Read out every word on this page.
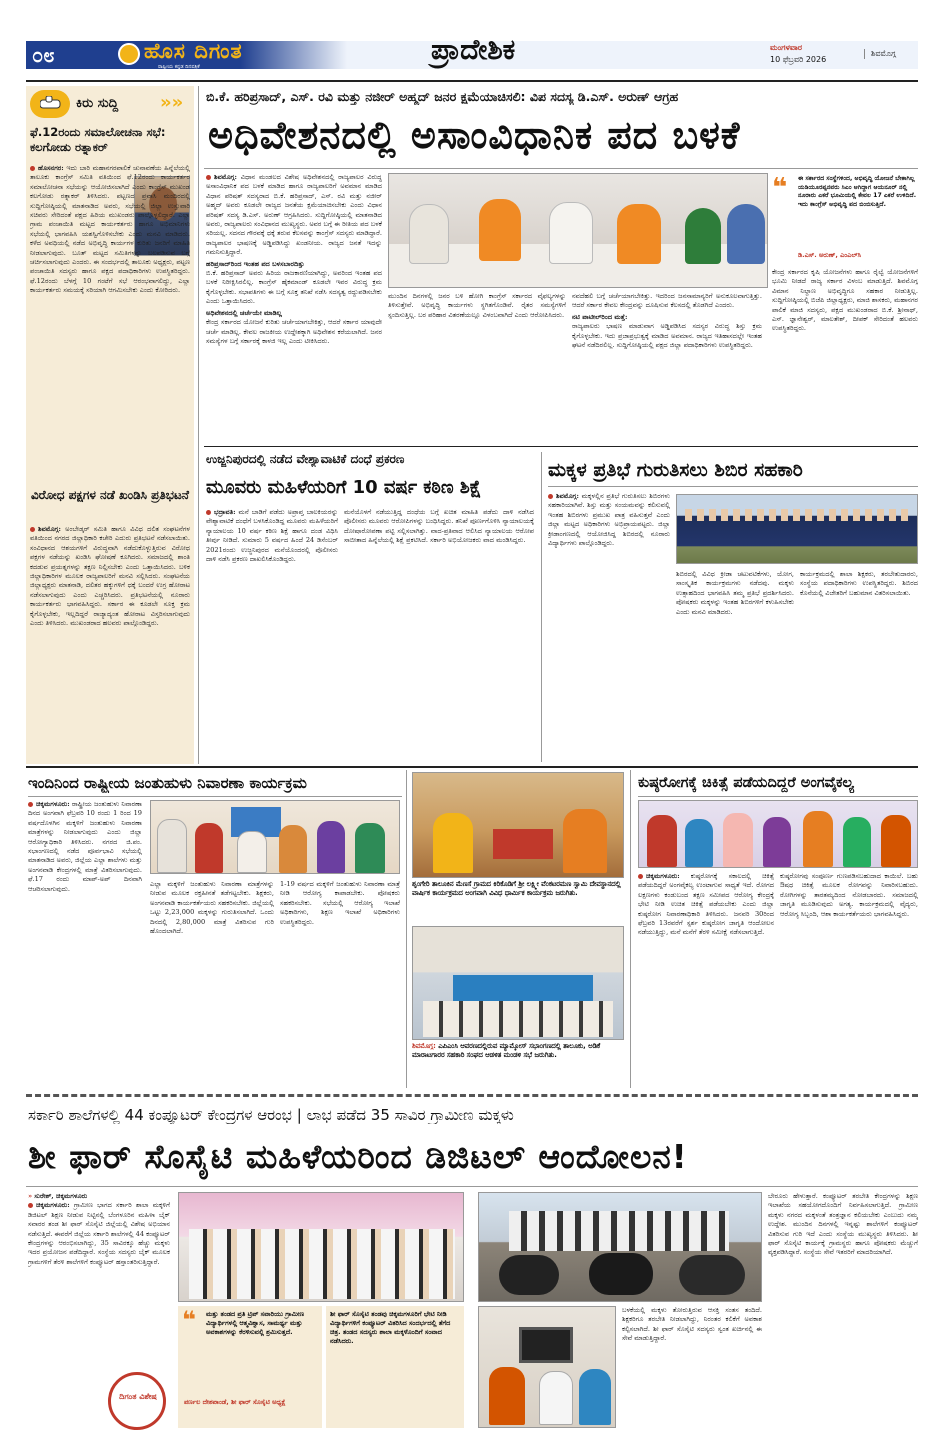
೦೮	ಹೊಸ ದಿಗಂತ
ರಾಷ್ಟ್ರೀಯ ಕನ್ನಡ ದಿನಪತ್ರಿಕೆ
ಪ್ರಾದೇಶಿಕ	ಮಂಗಳವಾರ
10 ಫೆಬ್ರವರಿ 2026
ಶಿವಮೊಗ್ಗ
ಕಿರು ಸುದ್ದಿ »»
ಫೆ.12ರಂದು ಸಮಾಲೋಚನಾ ಸಭೆ: ಕಲಗೋಡು ರತ್ನಾಕರ್
ಹೊಸನಗರ: ಇದು ಬಾರಿ ಮಹಾನಗರಪಾಲಿಕೆ ಚುನಾವಣೆಯ ಹಿನ್ನೆಲೆಯಲ್ಲಿ ತಾಲೂಕು ಕಾಂಗ್ರೆಸ್ ಸಮಿತಿ ವತಿಯಿಂದ ಫೆ.12ರಂದು ಕಾರ್ಯಕರ್ತರ ಸಮಾಲೋಚನಾ ಸಭೆಯನ್ನು ಆಯೋಜಿಸಲಾಗಿದೆ ಎಂದು ಕಾಂಗ್ರೆಸ್ ಮುಖಂಡ ಕಲಗೋಡು ರತ್ನಾಕರ್ ತಿಳಿಸಿದರು. ಪಟ್ಟಣದ ಪ್ರವಾಸಿ ಮಂದಿರದಲ್ಲಿ ಸುದ್ದಿಗೋಷ್ಠಿಯಲ್ಲಿ ಮಾತನಾಡಿದ ಅವರು, ಸಭೆಯಲ್ಲಿ ಜಿಲ್ಲಾ ಉಸ್ತುವಾರಿ ಸಚಿವರು ಸೇರಿದಂತೆ ಪಕ್ಷದ ಹಿರಿಯ ಮುಖಂಡರು ಪಾಲ್ಗೊಳ್ಳಲಿದ್ದಾರೆ. ಎಲ್ಲಾ ಗ್ರಾಮ ಪಂಚಾಯಿತಿ ಮಟ್ಟದ ಕಾರ್ಯಕರ್ತರು ಹಾಗೂ ಅಭಿಮಾನಿಗಳು ಸಭೆಯಲ್ಲಿ ಭಾಗವಹಿಸಿ ಯಶಸ್ವಿಗೊಳಿಸಬೇಕು ಎಂದು ಮನವಿ ಮಾಡಿದರು. ಕಳೆದ ಅವಧಿಯಲ್ಲಿ ನಡೆದ ಅಭಿವೃದ್ಧಿ ಕಾರ್ಯಗಳ ಕುರಿತು ಜನರಿಗೆ ಮಾಹಿತಿ ನೀಡಲಾಗುವುದು. ಬೂತ್ ಮಟ್ಟದ ಸಮಿತಿಗಳನ್ನು ಬಲಪಡಿಸುವ ಬಗ್ಗೆ ಚರ್ಚಿಸಲಾಗುವುದು ಎಂದರು. ಈ ಸಂದರ್ಭದಲ್ಲಿ ತಾಲೂಕು ಅಧ್ಯಕ್ಷರು, ಪಟ್ಟಣ ಪಂಚಾಯಿತಿ ಸದಸ್ಯರು ಹಾಗೂ ಪಕ್ಷದ ಪದಾಧಿಕಾರಿಗಳು ಉಪಸ್ಥಿತರಿದ್ದರು. ಫೆ.12ರಂದು ಬೆಳಗ್ಗೆ 10 ಗಂಟೆಗೆ ಸಭೆ ಆರಂಭವಾಗಲಿದ್ದು, ಎಲ್ಲಾ ಕಾರ್ಯಕರ್ತರು ಸಮಯಕ್ಕೆ ಸರಿಯಾಗಿ ಆಗಮಿಸಬೇಕು ಎಂದು ಕೋರಿದರು.
ವಿರೋಧ ಪಕ್ಷಗಳ ನಡೆ ಖಂಡಿಸಿ ಪ್ರತಿಭಟನೆ
ಶಿವಮೊಗ್ಗ: ಅಂಬೇಡ್ಕರ್ ಸಮಿತಿ ಹಾಗೂ ವಿವಿಧ ದಲಿತ ಸಂಘಟನೆಗಳ ವತಿಯಿಂದ ನಗರದ ಜಿಲ್ಲಾಧಿಕಾರಿ ಕಚೇರಿ ಎದುರು ಪ್ರತಿಭಟನೆ ನಡೆಸಲಾಯಿತು. ಸಂವಿಧಾನದ ಆಶಯಗಳಿಗೆ ವಿರುದ್ಧವಾಗಿ ನಡೆದುಕೊಳ್ಳುತ್ತಿರುವ ವಿರೋಧ ಪಕ್ಷಗಳ ನಡೆಯನ್ನು ಖಂಡಿಸಿ ಘೋಷಣೆ ಕೂಗಿದರು. ಸಮಾಜದಲ್ಲಿ ಶಾಂತಿ ಕದಡುವ ಪ್ರಯತ್ನಗಳನ್ನು ತಕ್ಷಣ ನಿಲ್ಲಿಸಬೇಕು ಎಂದು ಒತ್ತಾಯಿಸಿದರು. ಬಳಿಕ ಜಿಲ್ಲಾಧಿಕಾರಿಗಳ ಮೂಲಕ ರಾಜ್ಯಪಾಲರಿಗೆ ಮನವಿ ಸಲ್ಲಿಸಿದರು. ಸಂಘಟನೆಯ ಜಿಲ್ಲಾಧ್ಯಕ್ಷರು ಮಾತನಾಡಿ, ದಲಿತರ ಹಕ್ಕುಗಳಿಗೆ ಧಕ್ಕೆ ಬಂದರೆ ಉಗ್ರ ಹೋರಾಟ ನಡೆಸಲಾಗುವುದು ಎಂದು ಎಚ್ಚರಿಸಿದರು. ಪ್ರತಿಭಟನೆಯಲ್ಲಿ ನೂರಾರು ಕಾರ್ಯಕರ್ತರು ಭಾಗವಹಿಸಿದ್ದರು. ಸರ್ಕಾರ ಈ ಕೂಡಲೇ ಸೂಕ್ತ ಕ್ರಮ ಕೈಗೊಳ್ಳಬೇಕು, ಇಲ್ಲದಿದ್ದರೆ ರಾಜ್ಯಾದ್ಯಂತ ಹೋರಾಟ ವಿಸ್ತರಿಸಲಾಗುವುದು ಎಂದು ತಿಳಿಸಿದರು. ಮುಖಂಡರಾದ ಹಲವರು ಪಾಲ್ಗೊಂಡಿದ್ದರು.
ಬಿ.ಕೆ. ಹರಿಪ್ರಸಾದ್, ಎಸ್. ರವಿ ಮತ್ತು ನಜೀರ್ ಅಹ್ಮದ್ ಜನರ ಕ್ಷಮೆಯಾಚಿಸಲಿ: ವಿಪ ಸದಸ್ಯ ಡಿ.ಎಸ್. ಅರುಣ್ ಆಗ್ರಹ
ಅಧಿವೇಶನದಲ್ಲಿ ಅಸಾಂವಿಧಾನಿಕ ಪದ ಬಳಕೆ
ಶಿವಮೊಗ್ಗ: ವಿಧಾನ ಮಂಡಲದ ವಿಶೇಷ ಅಧಿವೇಶನದಲ್ಲಿ ರಾಜ್ಯಪಾಲರ ವಿರುದ್ಧ ಅಸಾಂವಿಧಾನಿಕ ಪದ ಬಳಕೆ ಮಾಡಿದ ಹಾಗೂ ರಾಜ್ಯಪಾಲರಿಗೆ ಅವಮಾನ ಮಾಡಿದ ವಿಧಾನ ಪರಿಷತ್ ಸದಸ್ಯರಾದ ಬಿ.ಕೆ. ಹರಿಪ್ರಸಾದ್, ಎಸ್. ರವಿ ಮತ್ತು ನಜೀರ್ ಅಹ್ಮದ್ ಅವರು ಕೂಡಲೇ ರಾಜ್ಯದ ಜನತೆಯ ಕ್ಷಮೆಯಾಚಿಸಬೇಕು ಎಂದು ವಿಧಾನ ಪರಿಷತ್ ಸದಸ್ಯ ಡಿ.ಎಸ್. ಅರುಣ್ ಆಗ್ರಹಿಸಿದರು. ಸುದ್ದಿಗೋಷ್ಠಿಯಲ್ಲಿ ಮಾತನಾಡಿದ ಅವರು, ರಾಜ್ಯಪಾಲರು ಸಂವಿಧಾನದ ಮುಖ್ಯಸ್ಥರು. ಅವರ ಬಗ್ಗೆ ಈ ರೀತಿಯ ಪದ ಬಳಕೆ ಸರಿಯಲ್ಲ. ಸದನದ ಗೌರವಕ್ಕೆ ಧಕ್ಕೆ ತರುವ ಕೆಲಸವನ್ನು ಕಾಂಗ್ರೆಸ್ ಸದಸ್ಯರು ಮಾಡಿದ್ದಾರೆ. ರಾಜ್ಯಪಾಲರ ಭಾಷಣಕ್ಕೆ ಅಡ್ಡಿಪಡಿಸಿದ್ದು ಖಂಡನೀಯ. ರಾಜ್ಯದ ಜನತೆ ಇದನ್ನು ಗಮನಿಸುತ್ತಿದ್ದಾರೆ.
ಹರಿಪ್ರಸಾದ್‌ರಿಂದ ಇಂತಹ ಪದ ಬಳಸಬಾರದಿತ್ತು
ಬಿ.ಕೆ. ಹರಿಪ್ರಸಾದ್ ಅವರು ಹಿರಿಯ ರಾಜಕಾರಣಿಯಾಗಿದ್ದು, ಅವರಿಂದ ಇಂತಹ ಪದ ಬಳಕೆ ನಿರೀಕ್ಷಿಸಿರಲಿಲ್ಲ. ಕಾಂಗ್ರೆಸ್ ಹೈಕಮಾಂಡ್ ಕೂಡಲೇ ಇವರ ವಿರುದ್ಧ ಕ್ರಮ ಕೈಗೊಳ್ಳಬೇಕು. ಸಭಾಪತಿಗಳು ಈ ಬಗ್ಗೆ ಸೂಕ್ತ ತನಿಖೆ ನಡೆಸಿ ಸದಸ್ಯತ್ವ ರದ್ದುಪಡಿಸಬೇಕು ಎಂದು ಒತ್ತಾಯಿಸಿದರು.
ಅಧಿವೇಶನದಲ್ಲಿ ಚರ್ಚೆಯೇ ಮಾಡಿಲ್ಲ
ಕೇಂದ್ರ ಸರ್ಕಾರದ ಯೋಜನೆ ಕುರಿತು ಚರ್ಚೆಯಾಗಬೇಕಿತ್ತು, ಆದರೆ ಸರ್ಕಾರ ಯಾವುದೇ ಚರ್ಚೆ ಮಾಡಿಲ್ಲ. ಕೇವಲ ರಾಜಕೀಯ ಉದ್ದೇಶಕ್ಕಾಗಿ ಅಧಿವೇಶನ ಕರೆಯಲಾಗಿದೆ. ಜನರ ಸಮಸ್ಯೆಗಳ ಬಗ್ಗೆ ಸರ್ಕಾರಕ್ಕೆ ಕಾಳಜಿ ಇಲ್ಲ ಎಂದು ಟೀಕಿಸಿದರು.
ಮುಂದಿನ ದಿನಗಳಲ್ಲಿ ಜನರ ಬಳಿ ಹೋಗಿ ಕಾಂಗ್ರೆಸ್ ಸರ್ಕಾರದ ವೈಫಲ್ಯಗಳನ್ನು ತಿಳಿಸುತ್ತೇವೆ. ಅಭಿವೃದ್ಧಿ ಕಾರ್ಯಗಳು ಸ್ಥಗಿತಗೊಂಡಿವೆ. ರೈತರ ಸಮಸ್ಯೆಗಳಿಗೆ ಸ್ಪಂದಿಸುತ್ತಿಲ್ಲ. ಬರ ಪರಿಹಾರ ವಿತರಣೆಯಲ್ಲೂ ವಿಳಂಬವಾಗಿದೆ ಎಂದು ಆರೋಪಿಸಿದರು.
ನವದೆಹಲಿ ಬಗ್ಗೆ ಚರ್ಚೆಯಾಗಬೇಕಿತ್ತು. ಇದರಿಂದ ಜನಸಾಮಾನ್ಯರಿಗೆ ಅನುಕೂಲವಾಗುತ್ತಿತ್ತು. ಆದರೆ ಸರ್ಕಾರ ಕೇವಲ ಕೇಂದ್ರವನ್ನು ದೂಷಿಸುವ ಕೆಲಸದಲ್ಲಿ ತೊಡಗಿದೆ ಎಂದರು.
ನಟಿ ಪಾಟೀಲ್‌ರಿಂದ ಮತ್ತೆ:
ರಾಜ್ಯಪಾಲರು ಭಾಷಣ ಮಾಡುವಾಗ ಅಡ್ಡಿಪಡಿಸಿದ ಸದಸ್ಯರ ವಿರುದ್ಧ ಶಿಸ್ತು ಕ್ರಮ ಕೈಗೊಳ್ಳಬೇಕು. ಇದು ಪ್ರಜಾಪ್ರಭುತ್ವಕ್ಕೆ ಮಾಡಿದ ಅವಮಾನ. ರಾಜ್ಯದ ಇತಿಹಾಸದಲ್ಲೇ ಇಂತಹ ಘಟನೆ ನಡೆದಿರಲಿಲ್ಲ. ಸುದ್ದಿಗೋಷ್ಠಿಯಲ್ಲಿ ಪಕ್ಷದ ಜಿಲ್ಲಾ ಪದಾಧಿಕಾರಿಗಳು ಉಪಸ್ಥಿತರಿದ್ದರು.
❝ ಈ ಸರ್ಕಾರದ ಸಂಸ್ಥೆಗಳಿಂದ, ಅಭಿವೃದ್ಧಿ ಯೋಜನೆ ಬೇಕಾಗಿಲ್ಲ ಯಡಿಯೂರಪ್ಪನವರು ಸಿಎಂ ಆಗಿದ್ದಾಗ ಆಯನೂರ್ ನಲ್ಲಿ ನೂರಾರು ಎಕರೆ ಭೂಮಿಯಲ್ಲಿ ಕೇವಲ 17 ಎಕರೆ ಉಳಿದಿದೆ. ಇದು ಕಾಂಗ್ರೆಸ್ ಅಭಿವೃದ್ಧಿ ಪದ ಬಿಂಬಿಸುತ್ತಿದೆ.
ಡಿ.ಎಸ್. ಅರುಣ್, ಎಂಎಲ್‌ಸಿ
ಕೇಂದ್ರ ಸರ್ಕಾರದ ಕೃಷಿ ಯೋಜನೆಗಳು ಹಾಗೂ ರೈಲ್ವೆ ಯೋಜನೆಗಳಿಗೆ ಭೂಮಿ ನೀಡದೆ ರಾಜ್ಯ ಸರ್ಕಾರ ವಿಳಂಬ ಮಾಡುತ್ತಿದೆ. ಶಿವಮೊಗ್ಗ ವಿಮಾನ ನಿಲ್ದಾಣ ಅಭಿವೃದ್ಧಿಗೂ ಸಹಕಾರ ನೀಡುತ್ತಿಲ್ಲ. ಸುದ್ದಿಗೋಷ್ಠಿಯಲ್ಲಿ ಬಿಜೆಪಿ ಜಿಲ್ಲಾಧ್ಯಕ್ಷರು, ಮಾಜಿ ಶಾಸಕರು, ಮಹಾನಗರ ಪಾಲಿಕೆ ಮಾಜಿ ಸದಸ್ಯರು, ಪಕ್ಷದ ಮುಖಂಡರಾದ ಬಿ.ಕೆ. ಶ್ರೀನಾಥ್, ಎಸ್. ಜ್ಞಾನೇಶ್ವರ್, ಮಾಲತೇಶ್, ದೀಪಕ್ ಸೇರಿದಂತೆ ಹಲವರು ಉಪಸ್ಥಿತರಿದ್ದರು.
ಉಜ್ಜನಿಪುರದಲ್ಲಿ ನಡೆದ ವೇಶ್ಯಾವಾಟಿಕೆ ದಂಧೆ ಪ್ರಕರಣ
ಮೂವರು ಮಹಿಳೆಯರಿಗೆ 10 ವರ್ಷ ಕಠಿಣ ಶಿಕ್ಷೆ
ಭದ್ರಾವತಿ: ಮನೆ ಬಾಡಿಗೆ ಪಡೆದು ಅಪ್ರಾಪ್ತ ಬಾಲಕಿಯರನ್ನು ವೇಶ್ಯಾವಾಟಿಕೆ ದಂಧೆಗೆ ಬಳಸಿಕೊಂಡಿದ್ದ ಮೂವರು ಮಹಿಳೆಯರಿಗೆ ನ್ಯಾಯಾಲಯ 10 ವರ್ಷ ಕಠಿಣ ಶಿಕ್ಷೆ ಹಾಗೂ ದಂಡ ವಿಧಿಸಿ ತೀರ್ಪು ನೀಡಿದೆ. ಸುಮಾರು 5 ವರ್ಷದ ಹಿಂದೆ 24 ಡಿಸೆಂಬರ್ 2021ರಂದು ಉಜ್ಜನಿಪುರದ ಮನೆಯೊಂದರಲ್ಲಿ ಪೊಲೀಸರು ದಾಳಿ ನಡೆಸಿ ಪ್ರಕರಣ ದಾಖಲಿಸಿಕೊಂಡಿದ್ದರು.
ಮನೆಯೊಳಗೆ ನಡೆಯುತ್ತಿದ್ದ ದಂಧೆಯ ಬಗ್ಗೆ ಖಚಿತ ಮಾಹಿತಿ ಪಡೆದು ದಾಳಿ ನಡೆಸಿದ ಪೊಲೀಸರು ಮೂವರು ಆರೋಪಿಗಳನ್ನು ಬಂಧಿಸಿದ್ದರು. ತನಿಖೆ ಪೂರ್ಣಗೊಳಿಸಿ ನ್ಯಾಯಾಲಯಕ್ಕೆ ದೋಷಾರೋಪಣಾ ಪಟ್ಟಿ ಸಲ್ಲಿಸಲಾಗಿತ್ತು. ವಾದ-ಪ್ರತಿವಾದ ಆಲಿಸಿದ ನ್ಯಾಯಾಲಯ ಆರೋಪ ಸಾಬೀತಾದ ಹಿನ್ನೆಲೆಯಲ್ಲಿ ಶಿಕ್ಷೆ ಪ್ರಕಟಿಸಿದೆ. ಸರ್ಕಾರಿ ಅಭಿಯೋಜಕರು ವಾದ ಮಂಡಿಸಿದ್ದರು.
ಮಕ್ಕಳ ಪ್ರತಿಭೆ ಗುರುತಿಸಲು ಶಿಬಿರ ಸಹಕಾರಿ
ಶಿವಮೊಗ್ಗ: ಮಕ್ಕಳಲ್ಲಿನ ಪ್ರತಿಭೆ ಗುರುತಿಸಲು ಶಿಬಿರಗಳು ಸಹಕಾರಿಯಾಗಿವೆ. ಶಿಸ್ತು ಮತ್ತು ಸಂಯಮವನ್ನು ಕಲಿಸುವಲ್ಲಿ ಇಂತಹ ಶಿಬಿರಗಳು ಪ್ರಮುಖ ಪಾತ್ರ ವಹಿಸುತ್ತವೆ ಎಂದು ಜಿಲ್ಲಾ ಮಟ್ಟದ ಅಧಿಕಾರಿಗಳು ಅಭಿಪ್ರಾಯಪಟ್ಟರು. ಜಿಲ್ಲಾ ಕ್ರೀಡಾಂಗಣದಲ್ಲಿ ಆಯೋಜಿಸಿದ್ದ ಶಿಬಿರದಲ್ಲಿ ನೂರಾರು ವಿದ್ಯಾರ್ಥಿಗಳು ಪಾಲ್ಗೊಂಡಿದ್ದರು.
ಶಿಬಿರದಲ್ಲಿ ವಿವಿಧ ಕ್ರೀಡಾ ಚಟುವಟಿಕೆಗಳು, ಯೋಗ, ಸಾಂಸ್ಕೃತಿಕ ಕಾರ್ಯಕ್ರಮಗಳು ನಡೆದವು. ಮಕ್ಕಳು ಉತ್ಸಾಹದಿಂದ ಭಾಗವಹಿಸಿ ತಮ್ಮ ಪ್ರತಿಭೆ ಪ್ರದರ್ಶಿಸಿದರು. ಪೋಷಕರು ಮಕ್ಕಳನ್ನು ಇಂತಹ ಶಿಬಿರಗಳಿಗೆ ಕಳುಹಿಸಬೇಕು ಎಂದು ಮನವಿ ಮಾಡಿದರು.
ಕಾರ್ಯಕ್ರಮದಲ್ಲಿ ಶಾಲಾ ಶಿಕ್ಷಕರು, ತರಬೇತುದಾರರು, ಸಂಸ್ಥೆಯ ಪದಾಧಿಕಾರಿಗಳು ಉಪಸ್ಥಿತರಿದ್ದರು. ಶಿಬಿರದ ಕೊನೆಯಲ್ಲಿ ವಿಜೇತರಿಗೆ ಬಹುಮಾನ ವಿತರಿಸಲಾಯಿತು.
ಇಂದಿನಿಂದ ರಾಷ್ಟ್ರೀಯ ಜಂತುಹುಳು ನಿವಾರಣಾ ಕಾರ್ಯಕ್ರಮ
ಚಿಕ್ಕಮಗಳೂರು: ರಾಷ್ಟ್ರೀಯ ಜಂತುಹುಳು ನಿವಾರಣಾ ದಿನದ ಅಂಗವಾಗಿ ಫೆಬ್ರವರಿ 10 ರಂದು 1 ರಿಂದ 19 ವರ್ಷದೊಳಗಿನ ಮಕ್ಕಳಿಗೆ ಜಂತುಹುಳು ನಿವಾರಣಾ ಮಾತ್ರೆಗಳನ್ನು ನೀಡಲಾಗುವುದು ಎಂದು ಜಿಲ್ಲಾ ಆರೋಗ್ಯಾಧಿಕಾರಿ ತಿಳಿಸಿದರು. ನಗರದ ಜಿ.ಪಂ. ಸಭಾಂಗಣದಲ್ಲಿ ನಡೆದ ಪೂರ್ವಭಾವಿ ಸಭೆಯಲ್ಲಿ ಮಾತನಾಡಿದ ಅವರು, ಜಿಲ್ಲೆಯ ಎಲ್ಲಾ ಶಾಲೆಗಳು ಮತ್ತು ಅಂಗನವಾಡಿ ಕೇಂದ್ರಗಳಲ್ಲಿ ಮಾತ್ರೆ ವಿತರಿಸಲಾಗುವುದು. ಫೆ.17 ರಂದು ಮಾಪ್-ಅಪ್ ದಿನವಾಗಿ ಆಚರಿಸಲಾಗುವುದು.
ಎಲ್ಲಾ ಮಕ್ಕಳಿಗೆ ಜಂತುಹುಳು ನಿವಾರಣಾ ಮಾತ್ರೆಗಳನ್ನು ನೀಡುವ ಮೂಲಕ ರಕ್ತಹೀನತೆ ತಡೆಗಟ್ಟಬೇಕು. ಶಿಕ್ಷಕರು, ಅಂಗನವಾಡಿ ಕಾರ್ಯಕರ್ತೆಯರು ಸಹಕರಿಸಬೇಕು. ಜಿಲ್ಲೆಯಲ್ಲಿ ಒಟ್ಟು 2,23,000 ಮಕ್ಕಳನ್ನು ಗುರುತಿಸಲಾಗಿದೆ. ಒಂದು ದಿನದಲ್ಲಿ 2,80,000 ಮಾತ್ರೆ ವಿತರಿಸುವ ಗುರಿ ಹೊಂದಲಾಗಿದೆ.
1-19 ವರ್ಷದ ಮಕ್ಕಳಿಗೆ ಜಂತುಹುಳು ನಿವಾರಣಾ ಮಾತ್ರೆ ನೀಡಿ ಆರೋಗ್ಯ ಕಾಪಾಡಬೇಕು. ಪೋಷಕರು ಸಹಕರಿಸಬೇಕು. ಸಭೆಯಲ್ಲಿ ಆರೋಗ್ಯ ಇಲಾಖೆ ಅಧಿಕಾರಿಗಳು, ಶಿಕ್ಷಣ ಇಲಾಖೆ ಅಧಿಕಾರಿಗಳು ಉಪಸ್ಥಿತರಿದ್ದರು.
ಶೃಂಗೇರಿ ತಾಲೂಕಿನ ಮೆಣಸೆ ಗ್ರಾಮದ ಕಿರಿಕೊಡಿಗೆ ಶ್ರೀ ಲಕ್ಷ್ಮೀ ವೆಂಕಟರಮಣ ಸ್ವಾಮಿ ದೇವಸ್ಥಾನದಲ್ಲಿ ವಾರ್ಷಿಕ ಕಾರ್ಯಕ್ರಮದ ಅಂಗವಾಗಿ ವಿವಿಧ ಧಾರ್ಮಿಕ ಕಾರ್ಯಕ್ರಮ ಜರುಗಿತು.
ಶಿವಮೊಗ್ಗ: ಎಪಿಎಂಸಿ ಆವರಣದಲ್ಲಿರುವ ಮ್ಯಾಮ್ಕೋಸ್ ಸಭಾಂಗಣದಲ್ಲಿ ತಾಲೂಕು, ಅಡಿಕೆ ಮಾರಾಟಗಾರರ ಸಹಕಾರಿ ಸಂಘದ ಆಡಳಿತ ಮಂಡಳಿ ಸಭೆ ಜರುಗಿತು.
ಕುಷ್ಠರೋಗಕ್ಕೆ ಚಿಕಿತ್ಸೆ ಪಡೆಯದಿದ್ದರೆ ಅಂಗವೈಕಲ್ಯ
ಚಿಕ್ಕಮಗಳೂರು: ಕುಷ್ಠರೋಗಕ್ಕೆ ಸಕಾಲದಲ್ಲಿ ಚಿಕಿತ್ಸೆ ಪಡೆಯದಿದ್ದರೆ ಅಂಗವೈಕಲ್ಯ ಉಂಟಾಗುವ ಸಾಧ್ಯತೆ ಇದೆ. ರೋಗದ ಲಕ್ಷಣಗಳು ಕಂಡುಬಂದ ತಕ್ಷಣ ಸಮೀಪದ ಆರೋಗ್ಯ ಕೇಂದ್ರಕ್ಕೆ ಭೇಟಿ ನೀಡಿ ಉಚಿತ ಚಿಕಿತ್ಸೆ ಪಡೆಯಬೇಕು ಎಂದು ಜಿಲ್ಲಾ ಕುಷ್ಠರೋಗ ನಿವಾರಣಾಧಿಕಾರಿ ತಿಳಿಸಿದರು. ಜನವರಿ 30ರಿಂದ ಫೆಬ್ರವರಿ 13ರವರೆಗೆ ಸ್ಪರ್ಶ ಕುಷ್ಠರೋಗ ಜಾಗೃತಿ ಆಂದೋಲನ ನಡೆಯುತ್ತಿದ್ದು, ಮನೆ ಮನೆಗೆ ತೆರಳಿ ಸಮೀಕ್ಷೆ ನಡೆಸಲಾಗುತ್ತಿದೆ.
ಕುಷ್ಠರೋಗವು ಸಂಪೂರ್ಣ ಗುಣಪಡಿಸಬಹುದಾದ ಕಾಯಿಲೆ. ಬಹು ಔಷಧ ಚಿಕಿತ್ಸೆ ಮೂಲಕ ರೋಗವನ್ನು ನಿವಾರಿಸಬಹುದು. ರೋಗಿಗಳನ್ನು ತಾರತಮ್ಯದಿಂದ ನೋಡಬಾರದು. ಸಮಾಜದಲ್ಲಿ ಜಾಗೃತಿ ಮೂಡಿಸುವುದು ಅಗತ್ಯ. ಕಾರ್ಯಕ್ರಮದಲ್ಲಿ ವೈದ್ಯರು, ಆರೋಗ್ಯ ಸಿಬ್ಬಂದಿ, ಆಶಾ ಕಾರ್ಯಕರ್ತೆಯರು ಭಾಗವಹಿಸಿದ್ದರು.
ಸರ್ಕಾರಿ ಶಾಲೆಗಳಲ್ಲಿ 44 ಕಂಪ್ಯೂಟರ್ ಕೇಂದ್ರಗಳ ಆರಂಭ | ಲಾಭ ಪಡೆದ 35 ಸಾವಿರ ಗ್ರಾಮೀಣ ಮಕ್ಕಳು
ಶೀ ಫಾರ್ ಸೊಸೈಟಿ ಮಹಿಳೆಯರಿಂದ ಡಿಜಿಟಲ್ ಆಂದೋಲನ!
» ಸುರೇಶ್, ಚಿಕ್ಕಮಗಳೂರು
ಚಿಕ್ಕಮಗಳೂರು: ಗ್ರಾಮೀಣ ಭಾಗದ ಸರ್ಕಾರಿ ಶಾಲಾ ಮಕ್ಕಳಿಗೆ ಡಿಜಿಟಲ್ ಶಿಕ್ಷಣ ನೀಡುವ ನಿಟ್ಟಿನಲ್ಲಿ ಬೆಂಗಳೂರಿನ ಮಹಿಳಾ ಬೈಕ್ ಸವಾರರ ತಂಡ ಶೀ ಫಾರ್ ಸೊಸೈಟಿ ಜಿಲ್ಲೆಯಲ್ಲಿ ವಿಶೇಷ ಅಭಿಯಾನ ನಡೆಸುತ್ತಿದೆ. ಈವರೆಗೆ ಜಿಲ್ಲೆಯ ಸರ್ಕಾರಿ ಶಾಲೆಗಳಲ್ಲಿ 44 ಕಂಪ್ಯೂಟರ್ ಕೇಂದ್ರಗಳನ್ನು ಆರಂಭಿಸಲಾಗಿದ್ದು, 35 ಸಾವಿರಕ್ಕೂ ಹೆಚ್ಚು ಮಕ್ಕಳು ಇದರ ಪ್ರಯೋಜನ ಪಡೆದಿದ್ದಾರೆ. ಸಂಸ್ಥೆಯ ಸದಸ್ಯರು ಬೈಕ್ ಮೂಲಕ ಗ್ರಾಮಗಳಿಗೆ ತೆರಳಿ ಶಾಲೆಗಳಿಗೆ ಕಂಪ್ಯೂಟರ್ ಹಸ್ತಾಂತರಿಸುತ್ತಿದ್ದಾರೆ.
ದಿಗಂತ ವಿಶೇಷ
❝ ಮತ್ತು ತಂಡದ ಪ್ರತಿ ಟ್ರಿಪ್ ಸವಾರಿಯು ಗ್ರಾಮೀಣ ವಿದ್ಯಾರ್ಥಿಗಳಲ್ಲಿ ಆತ್ಮವಿಶ್ವಾಸ, ಸಾಮರ್ಥ್ಯ ಮತ್ತು ಅವಕಾಶಗಳನ್ನು ಕೆರಳಿಸುವಲ್ಲಿ ಶ್ರಮಿಸುತ್ತದೆ.
ಪರ್ಣಲ ದೇಶಪಾಂಡೆ, ಶೀ ಫಾರ್ ಸೊಸೈಟಿ ಅಧ್ಯಕ್ಷೆ
ಶೀ ಫಾರ್ ಸೊಸೈಟಿ ತಂಡವು ಚಿಕ್ಕಮಗಳೂರಿಗೆ ಭೇಟಿ ನೀಡಿ ವಿದ್ಯಾರ್ಥಿಗಳಿಗೆ ಕಂಪ್ಯೂಟರ್ ವಿತರಿಸಿದ ಸಂದರ್ಭದಲ್ಲಿ ತೆಗೆದ ಚಿತ್ರ. ತಂಡದ ಸದಸ್ಯರು ಶಾಲಾ ಮಕ್ಕಳೊಂದಿಗೆ ಸಂವಾದ ನಡೆಸಿದರು.
ಬಳಕೆಯಲ್ಲಿ ಮಕ್ಕಳು ತೋರುತ್ತಿರುವ ಆಸಕ್ತಿ ಸಂತಸ ತಂದಿದೆ. ಶಿಕ್ಷಕರಿಗೂ ತರಬೇತಿ ನೀಡಲಾಗಿದ್ದು, ನಿರಂತರ ಕಲಿಕೆಗೆ ಅವಕಾಶ ಕಲ್ಪಿಸಲಾಗಿದೆ. ಶೀ ಫಾರ್ ಸೊಸೈಟಿ ಸದಸ್ಯರು ಸ್ವಂತ ಖರ್ಚಿನಲ್ಲಿ ಈ ಸೇವೆ ಮಾಡುತ್ತಿದ್ದಾರೆ.
ಬೇರೂರು ಹೇಳುತ್ತಾರೆ. ಕಂಪ್ಯೂಟರ್ ತರಬೇತಿ ಕೇಂದ್ರಗಳನ್ನು ಶಿಕ್ಷಣ ಇಲಾಖೆಯ ಸಹಯೋಗದೊಂದಿಗೆ ನಿರ್ವಹಿಸಲಾಗುತ್ತಿದೆ. ಗ್ರಾಮೀಣ ಮಕ್ಕಳು ನಗರದ ಮಕ್ಕಳಂತೆ ತಂತ್ರಜ್ಞಾನ ಕಲಿಯಬೇಕು ಎಂಬುದು ನಮ್ಮ ಉದ್ದೇಶ. ಮುಂದಿನ ದಿನಗಳಲ್ಲಿ ಇನ್ನಷ್ಟು ಶಾಲೆಗಳಿಗೆ ಕಂಪ್ಯೂಟರ್ ವಿತರಿಸುವ ಗುರಿ ಇದೆ ಎಂದು ಸಂಸ್ಥೆಯ ಮುಖ್ಯಸ್ಥರು ತಿಳಿಸಿದರು. ಶೀ ಫಾರ್ ಸೊಸೈಟಿ ಕಾರ್ಯಕ್ಕೆ ಗ್ರಾಮಸ್ಥರು ಹಾಗೂ ಪೋಷಕರು ಮೆಚ್ಚುಗೆ ವ್ಯಕ್ತಪಡಿಸಿದ್ದಾರೆ. ಸಂಸ್ಥೆಯ ಸೇವೆ ಇತರರಿಗೆ ಮಾದರಿಯಾಗಿದೆ.
